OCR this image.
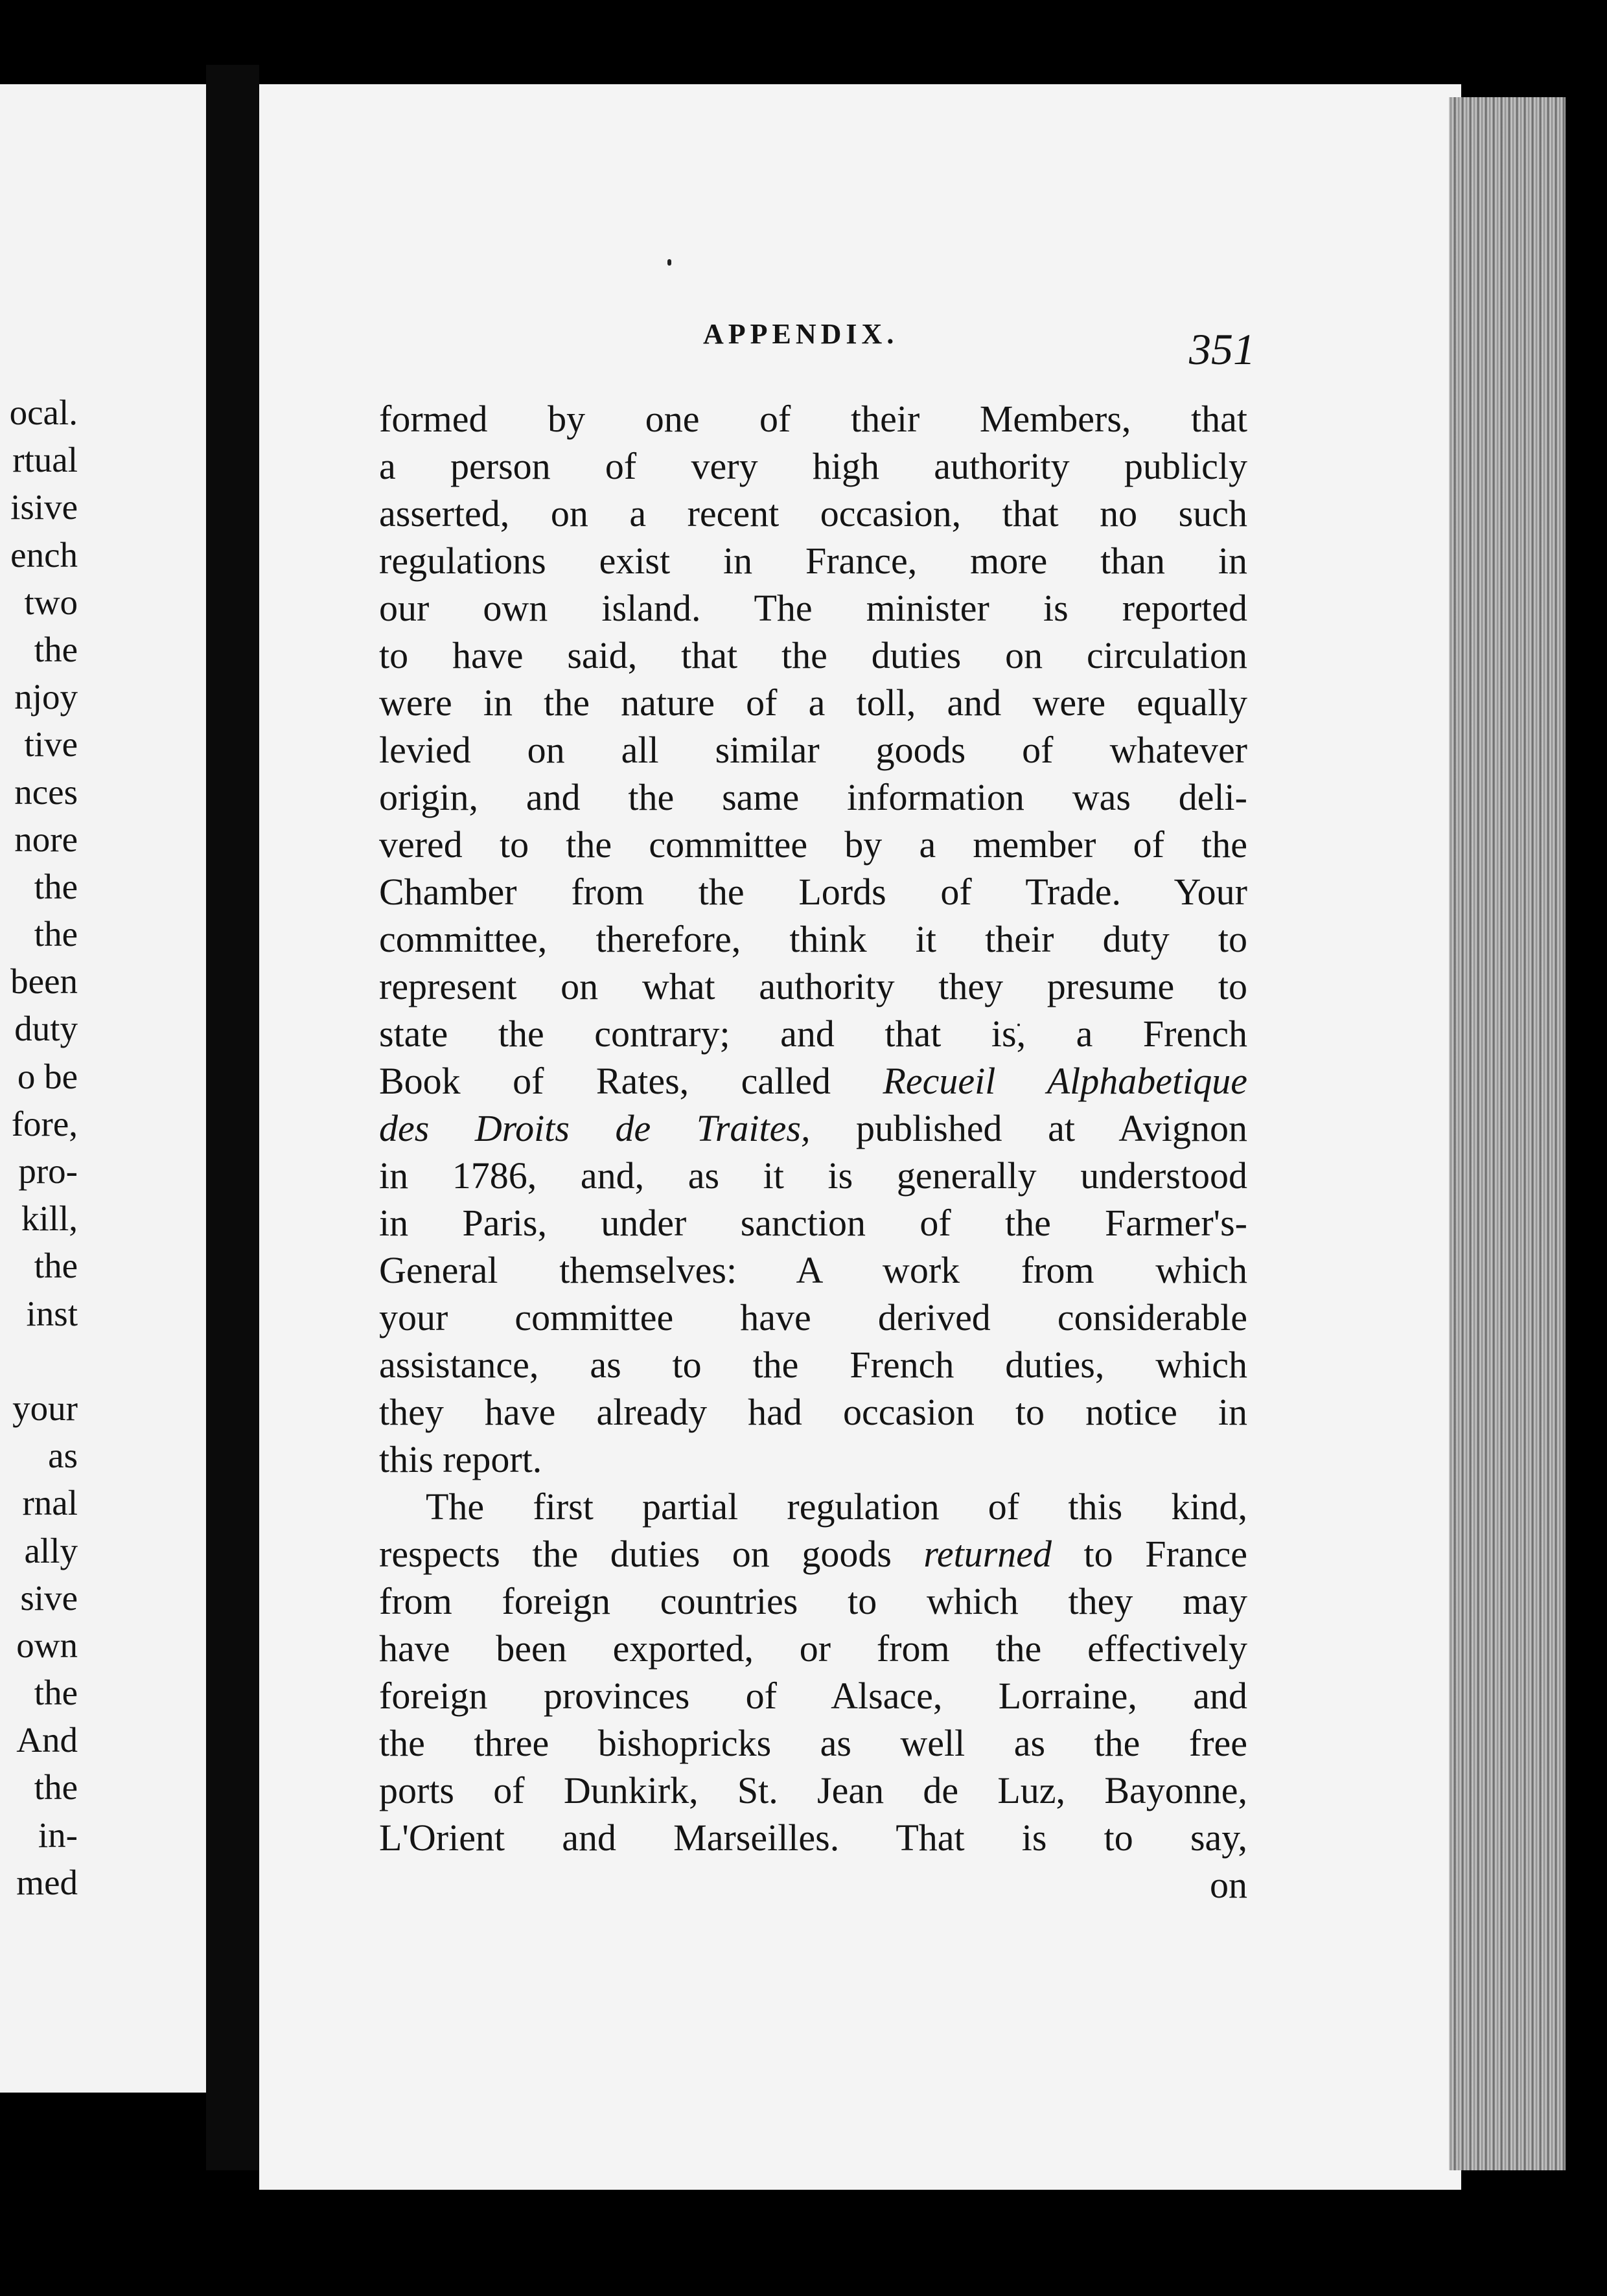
ocal.
rtual
isive
ench
two
the
njoy
tive
nces
nore
the
the
been
duty
o be
fore,
pro-
kill,
the
inst
your
as
rnal
ally
sive
own
the
And
the
in-
med
APPENDIX.	351
formed by one of their Members, that
a person of very high authority publicly
asserted, on a recent occasion, that no such
regulations exist in France, more than in
our own island. The minister is reported
to have said, that the duties on circulation
were in the nature of a toll, and were equally
levied on all similar goods of whatever
origin, and the same information was deli-
vered to the committee by a member of the
Chamber from the Lords of Trade. Your
committee, therefore, think it their duty to
represent on what authority they presume to
state the contrary; and that is, a French
Book of Rates, called Recueil Alphabetique
des Droits de Traites, published at Avignon
in 1786, and, as it is generally understood
in Paris, under sanction of the Farmer's-
General themselves: A work from which
your committee have derived considerable
assistance, as to the French duties, which
they have already had occasion to notice in
this report.
The first partial regulation of this kind,
respects the duties on goods returned to France
from foreign countries to which they may
have been exported, or from the effectively
foreign provinces of Alsace, Lorraine, and
the three bishopricks as well as the free
ports of Dunkirk, St. Jean de Luz, Bayonne,
L'Orient and Marseilles. That is to say,
on
